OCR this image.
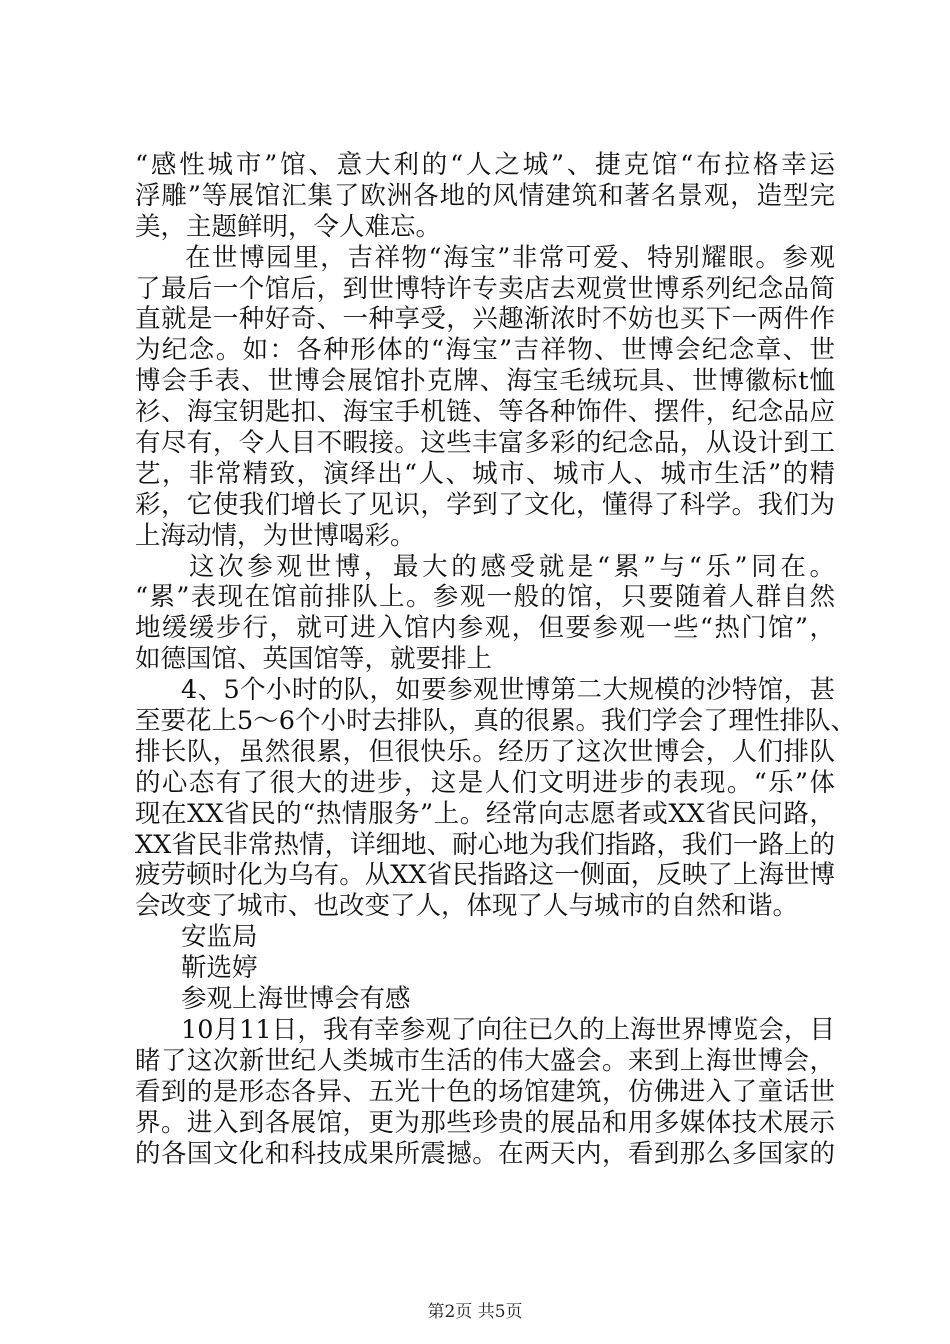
“感性城市”馆、意大利的“人之城”、捷克馆“布拉格幸运
浮雕”等展馆汇集了欧洲各地的风情建筑和著名景观，造型完
美，主题鲜明，令人难忘。
在世博园里，吉祥物“海宝”非常可爱、特别耀眼。参观
了最后一个馆后，到世博特许专卖店去观赏世博系列纪念品简
直就是一种好奇、一种享受，兴趣渐浓时不妨也买下一两件作
为纪念。如：各种形体的“海宝”吉祥物、世博会纪念章、世
博会手表、世博会展馆扑克牌、海宝毛绒玩具、世博徽标t恤
衫、海宝钥匙扣、海宝手机链、等各种饰件、摆件，纪念品应
有尽有，令人目不暇接。这些丰富多彩的纪念品，从设计到工
艺，非常精致，演绎出“人、城市、城市人、城市生活”的精
彩，它使我们增长了见识，学到了文化，懂得了科学。我们为
上海动情，为世博喝彩。
这次参观世博，最大的感受就是“累”与“乐”同在。
“累”表现在馆前排队上。参观一般的馆，只要随着人群自然
地缓缓步行，就可进入馆内参观，但要参观一些“热门馆”，
如德国馆、英国馆等，就要排上
4、5个小时的队，如要参观世博第二大规模的沙特馆，甚
至要花上5～6个小时去排队，真的很累。我们学会了理性排队、
排长队，虽然很累，但很快乐。经历了这次世博会，人们排队
的心态有了很大的进步，这是人们文明进步的表现。“乐”体
现在XX省民的“热情服务”上。经常向志愿者或XX省民问路，
XX省民非常热情，详细地、耐心地为我们指路，我们一路上的
疲劳顿时化为乌有。从XX省民指路这一侧面，反映了上海世博
会改变了城市、也改变了人，体现了人与城市的自然和谐。
安监局
靳选婷
参观上海世博会有感
10月11日，我有幸参观了向往已久的上海世界博览会，目
睹了这次新世纪人类城市生活的伟大盛会。来到上海世博会，
看到的是形态各异、五光十色的场馆建筑，仿佛进入了童话世
界。进入到各展馆，更为那些珍贵的展品和用多媒体技术展示
的各国文化和科技成果所震撼。在两天内，看到那么多国家的
第2页 共5页
